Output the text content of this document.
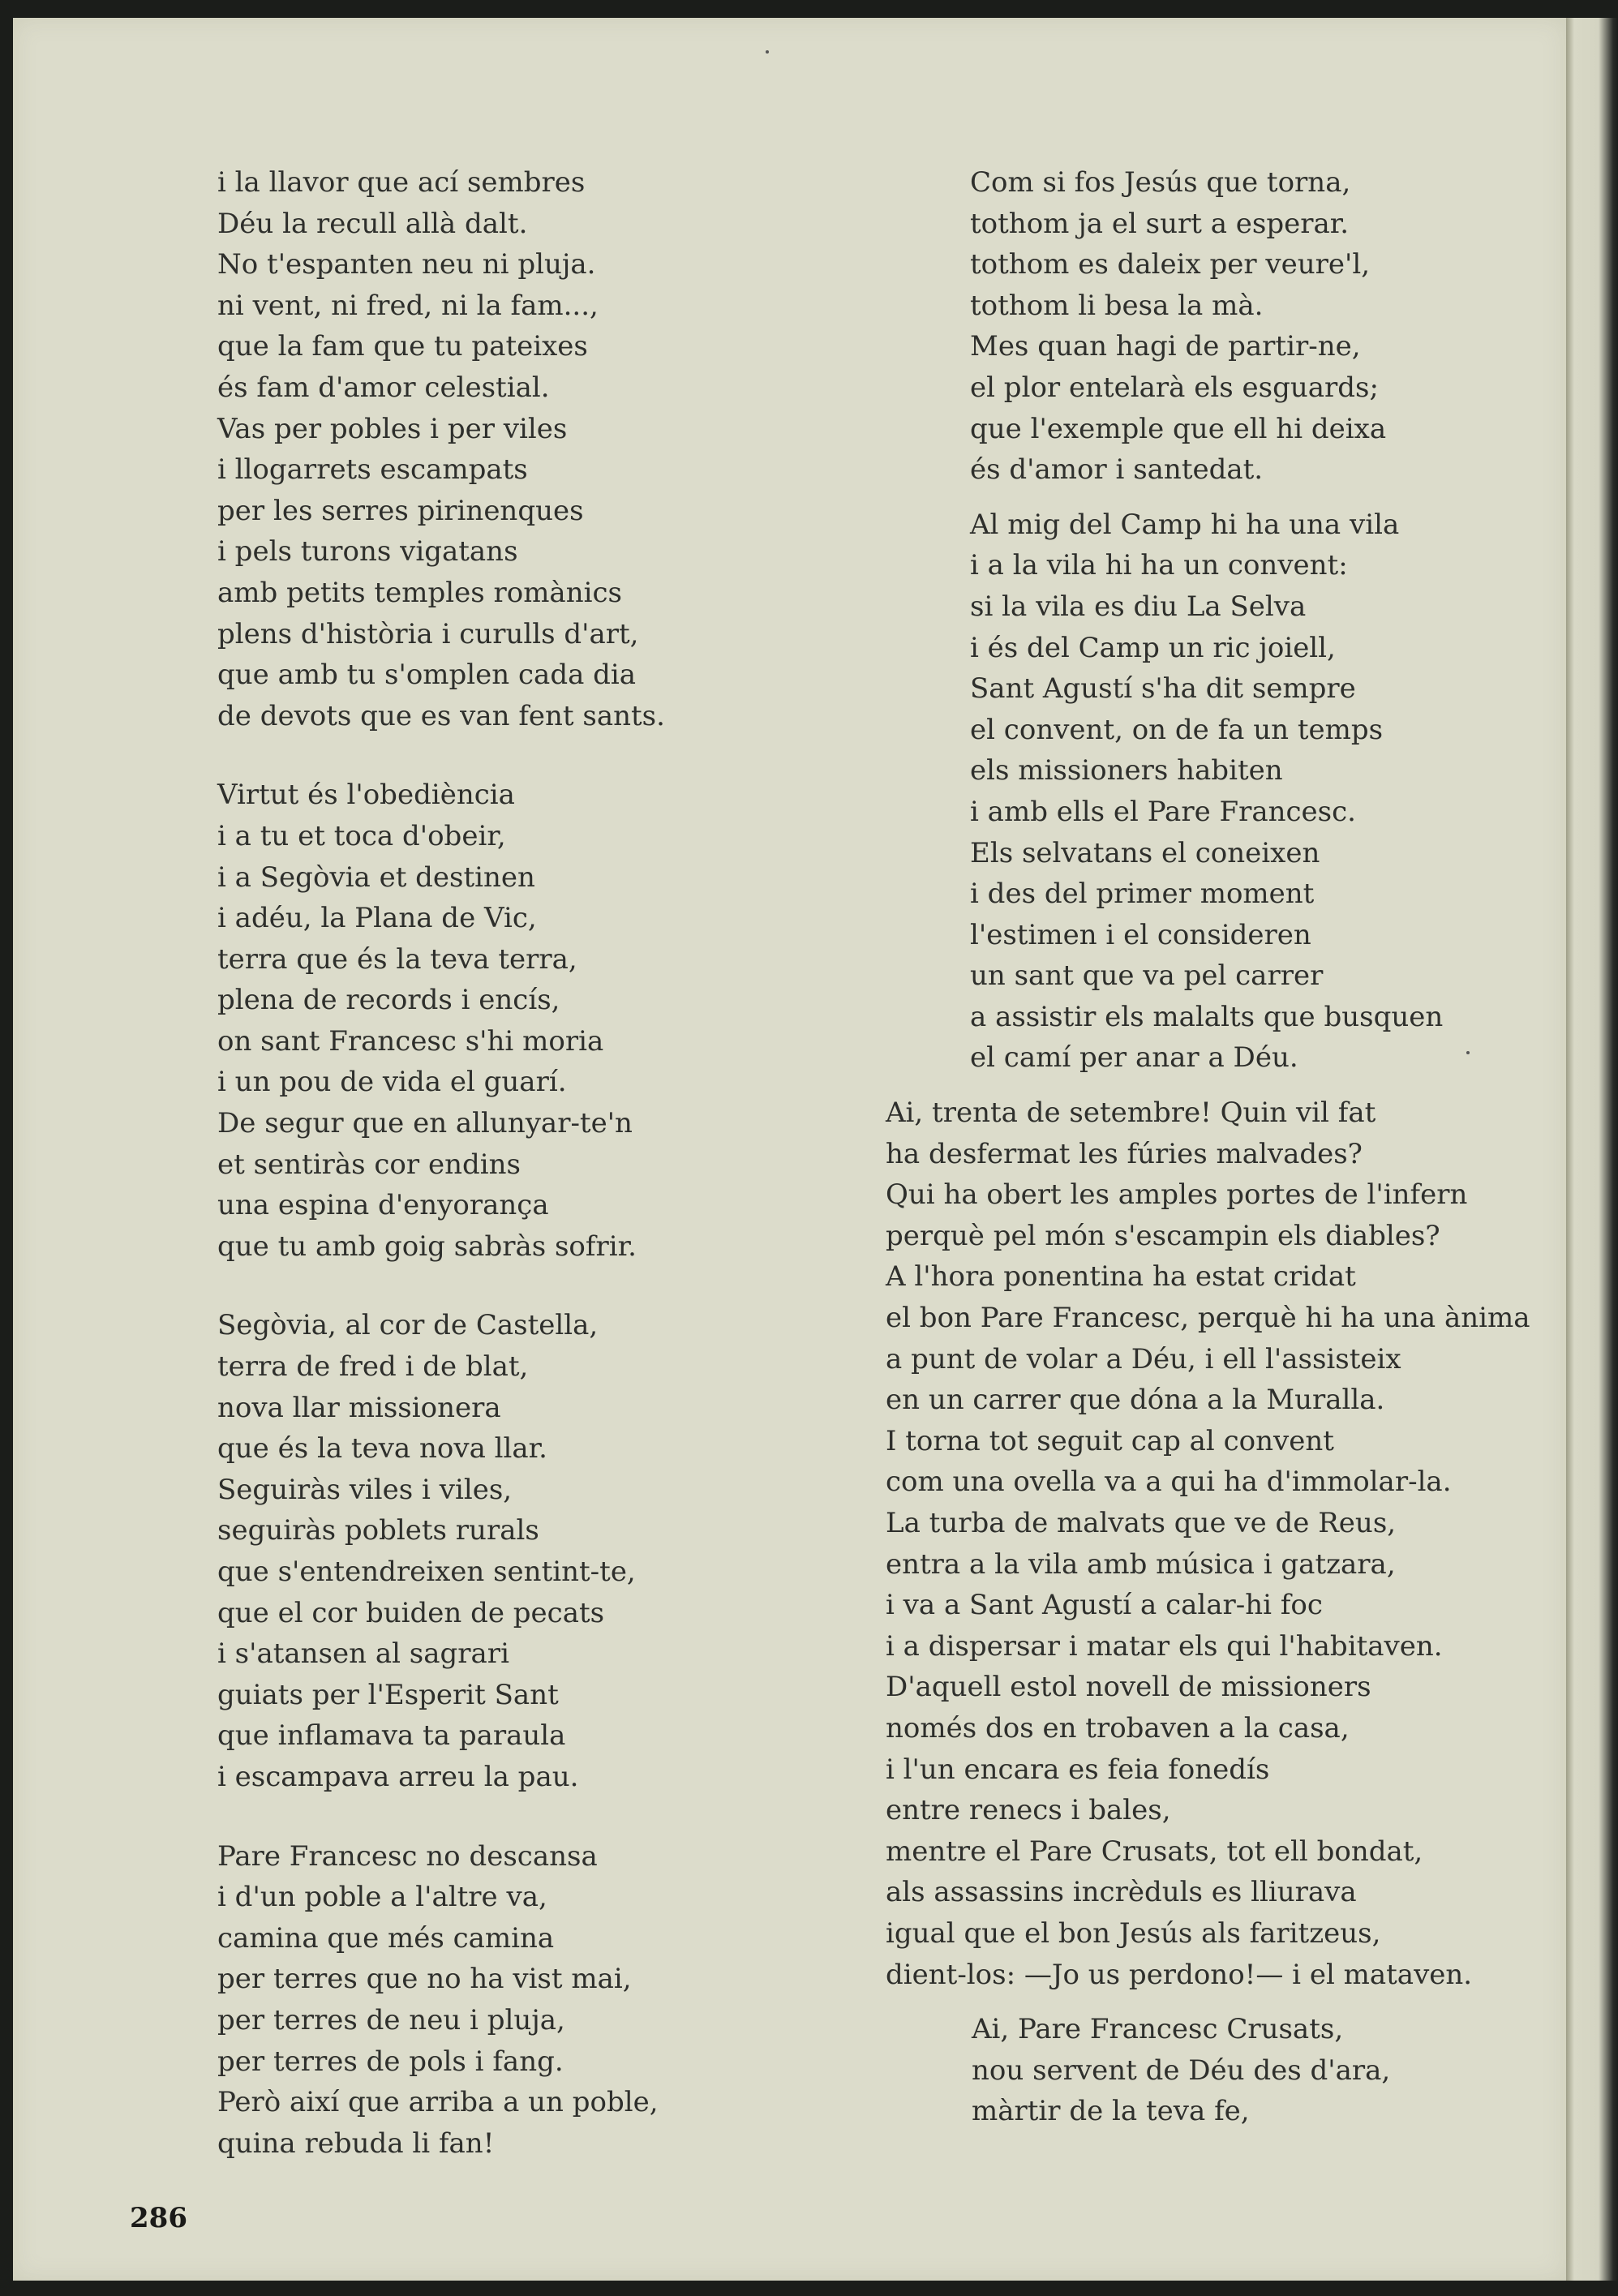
i la llavor que ací sembres
Déu la recull allà dalt.
No t'espanten neu ni pluja.
ni vent, ni fred, ni la fam...,
que la fam que tu pateixes
és fam d'amor celestial.
Vas per pobles i per viles
i llogarrets escampats
per les serres pirinenques
i pels turons vigatans
amb petits temples romànics
plens d'història i curulls d'art,
que amb tu s'omplen cada dia
de devots que es van fent sants.
Virtut és l'obediència
i a tu et toca d'obeir,
i a Segòvia et destinen
i adéu, la Plana de Vic,
terra que és la teva terra,
plena de records i encís,
on sant Francesc s'hi moria
i un pou de vida el guarí.
De segur que en allunyar-te'n
et sentiràs cor endins
una espina d'enyorança
que tu amb goig sabràs sofrir.
Segòvia, al cor de Castella,
terra de fred i de blat,
nova llar missionera
que és la teva nova llar.
Seguiràs viles i viles,
seguiràs poblets rurals
que s'entendreixen sentint-te,
que el cor buiden de pecats
i s'atansen al sagrari
guiats per l'Esperit Sant
que inflamava ta paraula
i escampava arreu la pau.
Pare Francesc no descansa
i d'un poble a l'altre va,
camina que més camina
per terres que no ha vist mai,
per terres de neu i pluja,
per terres de pols i fang.
Però així que arriba a un poble,
quina rebuda li fan!
Com si fos Jesús que torna,
tothom ja el surt a esperar.
tothom es daleix per veure'l,
tothom li besa la mà.
Mes quan hagi de partir-ne,
el plor entelarà els esguards;
que l'exemple que ell hi deixa
és d'amor i santedat.
Al mig del Camp hi ha una vila
i a la vila hi ha un convent:
si la vila es diu La Selva
i és del Camp un ric joiell,
Sant Agustí s'ha dit sempre
el convent, on de fa un temps
els missioners habiten
i amb ells el Pare Francesc.
Els selvatans el coneixen
i des del primer moment
l'estimen i el consideren
un sant que va pel carrer
a assistir els malalts que busquen
el camí per anar a Déu.
Ai, trenta de setembre! Quin vil fat
ha desfermat les fúries malvades?
Qui ha obert les amples portes de l'infern
perquè pel món s'escampin els diables?
A l'hora ponentina ha estat cridat
el bon Pare Francesc, perquè hi ha una ànima
a punt de volar a Déu, i ell l'assisteix
en un carrer que dóna a la Muralla.
I torna tot seguit cap al convent
com una ovella va a qui ha d'immolar-la.
La turba de malvats que ve de Reus,
entra a la vila amb música i gatzara,
i va a Sant Agustí a calar-hi foc
i a dispersar i matar els qui l'habitaven.
D'aquell estol novell de missioners
només dos en trobaven a la casa,
i l'un encara es feia fonedís
entre renecs i bales,
mentre el Pare Crusats, tot ell bondat,
als assassins incrèduls es lliurava
igual que el bon Jesús als faritzeus,
dient-los: —Jo us perdono!— i el mataven.
Ai, Pare Francesc Crusats,
nou servent de Déu des d'ara,
màrtir de la teva fe,
286
